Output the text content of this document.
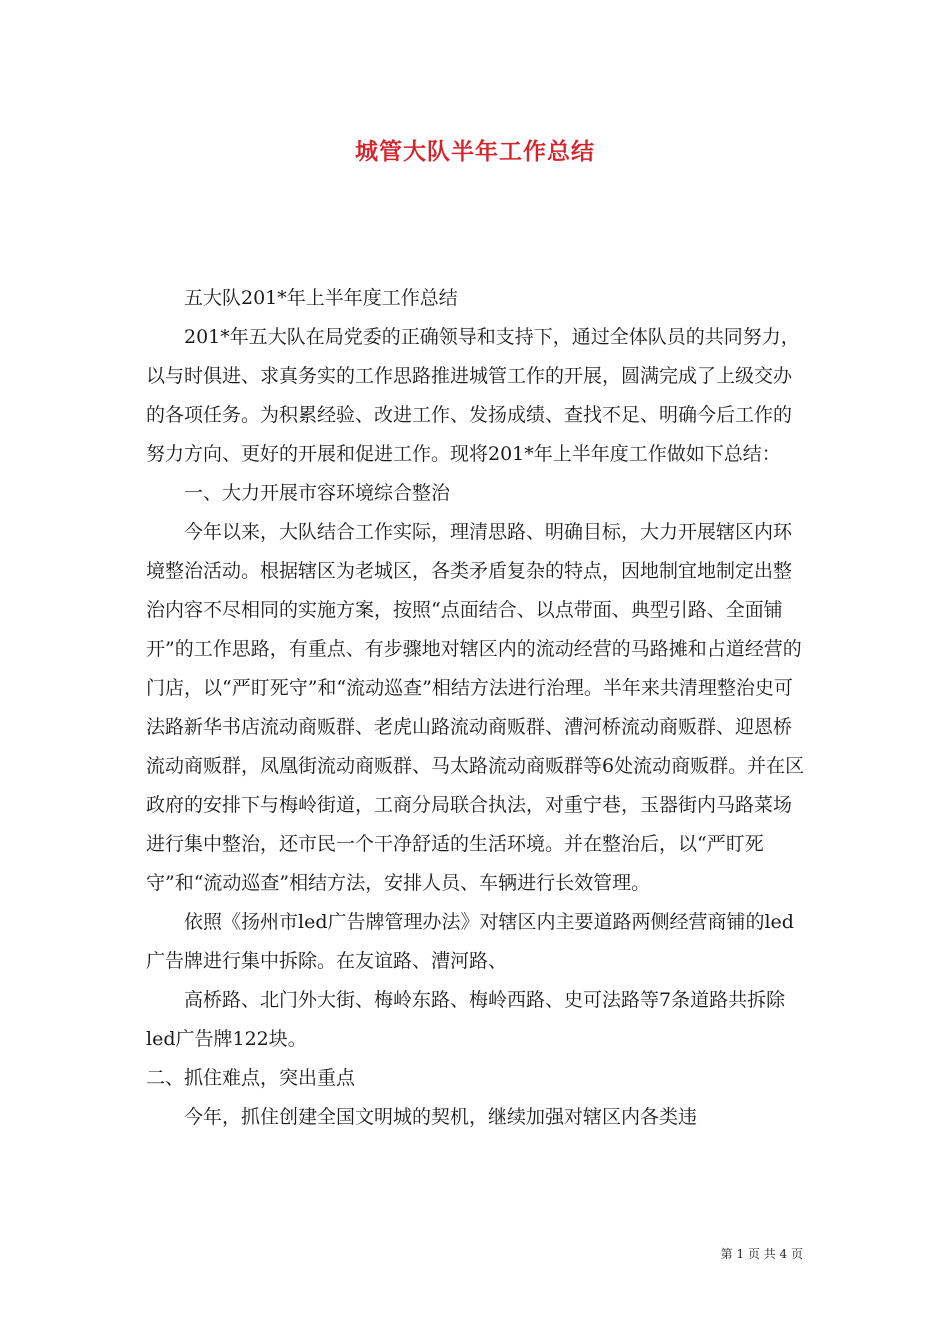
城管大队半年工作总结

五大队201*年上半年度工作总结

201*年五大队在局党委的正确领导和支持下，通过全体队员的共同努力，以与时俱进、求真务实的工作思路推进城管工作的开展，圆满完成了上级交办的各项任务。为积累经验、改进工作、发扬成绩、查找不足、明确今后工作的努力方向、更好的开展和促进工作。现将201*年上半年度工作做如下总结：

一、大力开展市容环境综合整治

今年以来，大队结合工作实际，理清思路、明确目标，大力开展辖区内环境整治活动。根据辖区为老城区，各类矛盾复杂的特点，因地制宜地制定出整治内容不尽相同的实施方案，按照“点面结合、以点带面、典型引路、全面铺开”的工作思路，有重点、有步骤地对辖区内的流动经营的马路摊和占道经营的门店，以“严盯死守”和“流动巡查”相结方法进行治理。半年来共清理整治史可法路新华书店流动商贩群、老虎山路流动商贩群、漕河桥流动商贩群、迎恩桥流动商贩群，凤凰街流动商贩群、马太路流动商贩群等6处流动商贩群。并在区政府的安排下与梅岭街道，工商分局联合执法，对重宁巷，玉器街内马路菜场进行集中整治，还市民一个干净舒适的生活环境。并在整治后，以“严盯死守”和“流动巡查”相结方法，安排人员、车辆进行长效管理。

依照《扬州市led广告牌管理办法》对辖区内主要道路两侧经营商铺的led广告牌进行集中拆除。在友谊路、漕河路、

高桥路、北门外大街、梅岭东路、梅岭西路、史可法路等7条道路共拆除led广告牌122块。

二、抓住难点，突出重点

今年，抓住创建全国文明城的契机，继续加强对辖区内各类违

第 1 页 共 4 页
